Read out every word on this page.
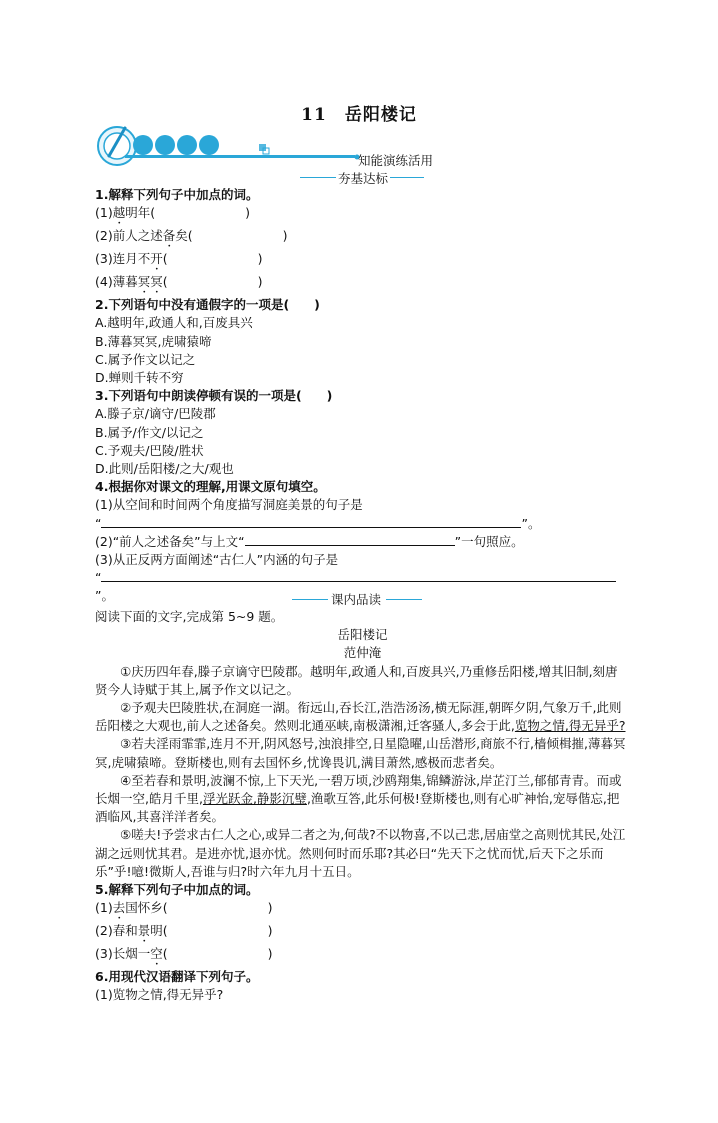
11 岳阳楼记
知能演练活用
夯基达标
1.解释下列句子中加点的词。
(1)越明年(	)
(2)前人之述备矣(	)
(3)连月不开(	)
(4)薄暮冥冥(	)
2.下列语句中没有通假字的一项是(　　)
A.越明年,政通人和,百废具兴
B.薄暮冥冥,虎啸猿啼
C.属予作文以记之
D.蝉则千转不穷
3.下列语句中朗读停顿有误的一项是(　　)
A.滕子京/谪守/巴陵郡
B.属予/作文/以记之
C.予观夫/巴陵/胜状
D.此则/岳阳楼/之大/观也
4.根据你对课文的理解,用课文原句填空。
(1)从空间和时间两个角度描写洞庭美景的句子是
“	”。
(2)“前人之述备矣”与上文“	”一句照应。
(3)从正反两方面阐述“古仁人”内涵的句子是
“
”。	课内品读
阅读下面的文字,完成第 5~9 题。
岳阳楼记
范仲淹
①庆历四年春,滕子京谪守巴陵郡。越明年,政通人和,百废具兴,乃重修岳阳楼,增其旧制,刻唐贤今人诗赋于其上,属予作文以记之。
②予观夫巴陵胜状,在洞庭一湖。衔远山,吞长江,浩浩汤汤,横无际涯,朝晖夕阴,气象万千,此则岳阳楼之大观也,前人之述备矣。然则北通巫峡,南极潇湘,迁客骚人,多会于此,览物之情,得无异乎?
③若夫淫雨霏霏,连月不开,阴风怒号,浊浪排空,日星隐曜,山岳潜形,商旅不行,樯倾楫摧,薄暮冥冥,虎啸猿啼。登斯楼也,则有去国怀乡,忧谗畏讥,满目萧然,感极而悲者矣。
④至若春和景明,波澜不惊,上下天光,一碧万顷,沙鸥翔集,锦鳞游泳,岸芷汀兰,郁郁青青。而或长烟一空,皓月千里,浮光跃金,静影沉璧,渔歌互答,此乐何极!登斯楼也,则有心旷神怡,宠辱偕忘,把酒临风,其喜洋洋者矣。
⑤嗟夫!予尝求古仁人之心,或异二者之为,何哉?不以物喜,不以己悲,居庙堂之高则忧其民,处江湖之远则忧其君。是进亦忧,退亦忧。然则何时而乐耶?其必曰“先天下之忧而忧,后天下之乐而乐”乎!噫!微斯人,吾谁与归?时六年九月十五日。
5.解释下列句子中加点的词。
(1)去国怀乡(	)
(2)春和景明(	)
(3)长烟一空(	)
6.用现代汉语翻译下列句子。
(1)览物之情,得无异乎?
